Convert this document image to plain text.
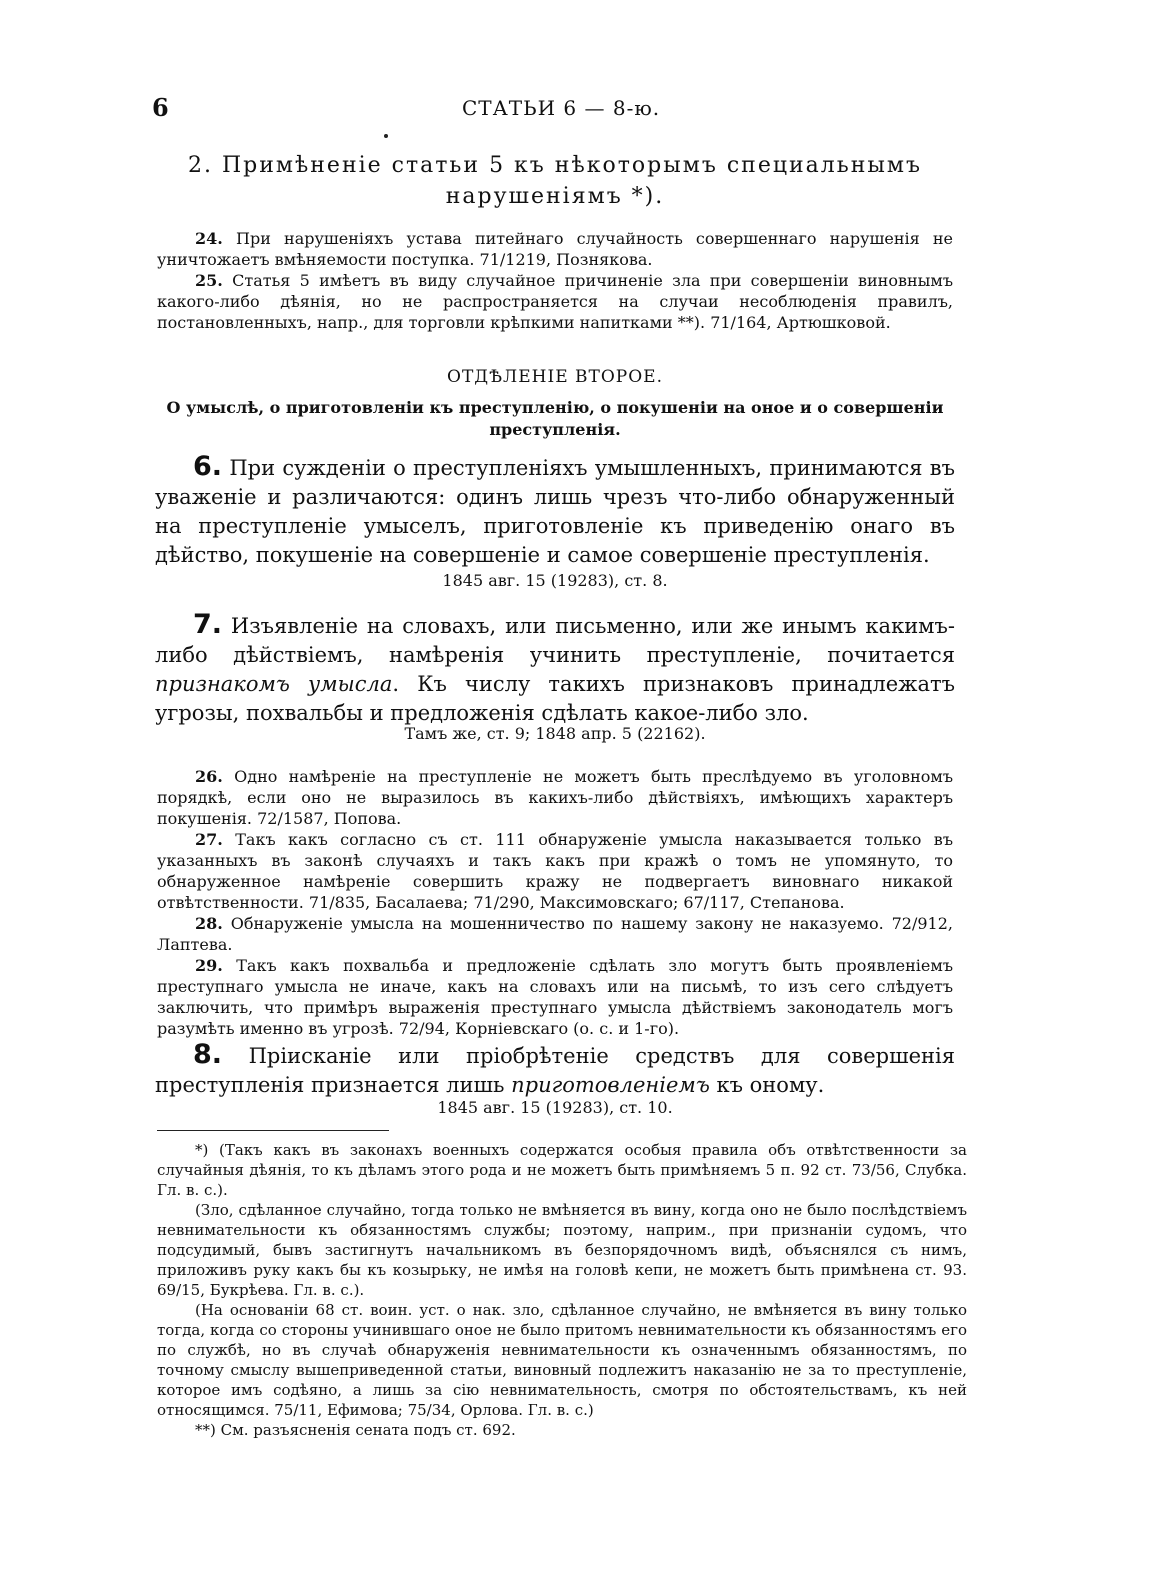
6	СТАТЬИ 6 — 8-ю.
2. Примѣненіе статьи 5 къ нѣкоторымъ специальнымъ нарушеніямъ *).

24. При нарушеніяхъ устава питейнаго случайность совершеннаго нарушенія не уничтожаетъ вмѣняемости поступка. 71/1219, Познякова.

25. Статья 5 имѣетъ въ виду случайное причиненіе зла при совершеніи виновнымъ какого-либо дѣянія, но не распространяется на случаи несоблюденія правилъ, постановленныхъ, напр., для торговли крѣпкими напитками **). 71/164, Артюшковой.

ОТДѢЛЕНІЕ ВТОРОЕ.
О умыслѣ, о приготовленіи къ преступленію, о покушеніи на оное и о совершеніи преступленія.

6. При сужденіи о преступленіяхъ умышленныхъ, принимаются въ уваженіе и различаются: одинъ лишь чрезъ что-либо обнаруженный на преступленіе умыселъ, приготовленіе къ приведенію онаго въ дѣйство, покушеніе на совершеніе и самое совершеніе преступленія.

1845 авг. 15 (19283), ст. 8.

7. Изъявленіе на словахъ, или письменно, или же инымъ какимъ-либо дѣйствіемъ, намѣренія учинить преступленіе, почитается признакомъ умысла. Къ числу такихъ признаковъ принадлежатъ угрозы, похвальбы и предложенія сдѣлать какое-либо зло.

Тамъ же, ст. 9; 1848 апр. 5 (22162).

26. Одно намѣреніе на преступленіе не можетъ быть преслѣдуемо въ уголовномъ порядкѣ, если оно не выразилось въ какихъ-либо дѣйствіяхъ, имѣющихъ характеръ покушенія. 72/1587, Попова.

27. Такъ какъ согласно съ ст. 111 обнаруженіе умысла наказывается только въ указанныхъ въ законѣ случаяхъ и такъ какъ при кражѣ о томъ не упомянуто, то обнаруженное намѣреніе совершить кражу не подвергаетъ виновнаго никакой отвѣтственности. 71/835, Басалаева; 71/290, Максимовскаго; 67/117, Степанова.

28. Обнаруженіе умысла на мошенничество по нашему закону не наказуемо. 72/912, Лаптева.

29. Такъ какъ похвальба и предложеніе сдѣлать зло могутъ быть проявленіемъ преступнаго умысла не иначе, какъ на словахъ или на письмѣ, то изъ сего слѣдуетъ заключить, что примѣръ выраженія преступнаго умысла дѣйствіемъ законодатель могъ разумѣть именно въ угрозѣ. 72/94, Корніевскаго (о. с. и 1-го).

8. Пріисканіе или пріобрѣтеніе средствъ для совершенія преступленія признается лишь приготовленіемъ къ оному.

1845 авг. 15 (19283), ст. 10.

*) (Такъ какъ въ законахъ военныхъ содержатся особыя правила объ отвѣтственности за случайныя дѣянія, то къ дѣламъ этого рода и не можетъ быть примѣняемъ 5 п. 92 ст. 73/56, Слубка. Гл. в. с.).

(Зло, сдѣланное случайно, тогда только не вмѣняется въ вину, когда оно не было послѣдствіемъ невнимательности къ обязанностямъ службы; поэтому, наприм., при признаніи судомъ, что подсудимый, бывъ застигнутъ начальникомъ въ безпорядочномъ видѣ, объяснялся съ нимъ, приложивъ руку какъ бы къ козырьку, не имѣя на головѣ кепи, не можетъ быть примѣнена ст. 93. 69/15, Букрѣева. Гл. в. с.).

(На основаніи 68 ст. воин. уст. о нак. зло, сдѣланное случайно, не вмѣняется въ вину только тогда, когда со стороны учинившаго оное не было притомъ невнимательности къ обязанностямъ его по службѣ, но въ случаѣ обнаруженія невнимательности къ означеннымъ обязанностямъ, по точному смыслу вышеприведенной статьи, виновный подлежитъ наказанію не за то преступленіе, которое имъ содѣяно, а лишь за сію невнимательность, смотря по обстоятельствамъ, къ ней относящимся. 75/11, Ефимова; 75/34, Орлова. Гл. в. с.)

**) См. разъясненія сената подъ ст. 692.
